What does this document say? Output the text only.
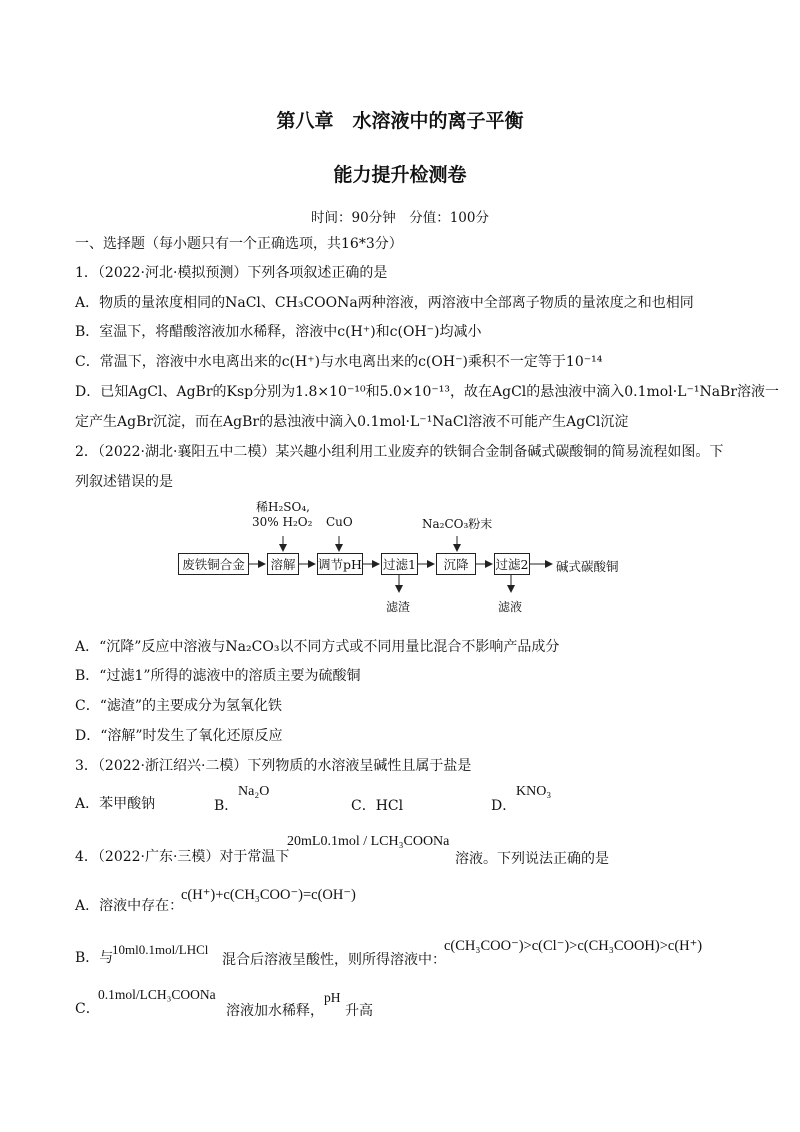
第八章　水溶液中的离子平衡
能力提升检测卷
时间：90分钟　分值：100分
一、选择题（每小题只有一个正确选项，共16*3分）
1．（2022·河北·模拟预测）下列各项叙述正确的是
A．物质的量浓度相同的NaCl、CH₃COONa两种溶液，两溶液中全部离子物质的量浓度之和也相同
B．室温下，将醋酸溶液加水稀释，溶液中c(H⁺)和c(OH⁻)均减小
C．常温下，溶液中水电离出来的c(H⁺)与水电离出来的c(OH⁻)乘积不一定等于10⁻¹⁴
D．已知AgCl、AgBr的Ksp分别为1.8×10⁻¹⁰和5.0×10⁻¹³，故在AgCl的悬浊液中滴入0.1mol·L⁻¹NaBr溶液一
定产生AgBr沉淀，而在AgBr的悬浊液中滴入0.1mol·L⁻¹NaCl溶液不可能产生AgCl沉淀
2．（2022·湖北·襄阳五中二模）某兴趣小组利用工业废弃的铁铜合金制备碱式碳酸铜的简易流程如图。下
列叙述错误的是
稀H₂SO₄,
30% H₂O₂ CuO	Na₂CO₃粉末
废铁铜合金	溶解 调节pH 过滤1	沉降	过滤2 碱式碳酸铜
滤渣	滤液
A．“沉降”反应中溶液与Na₂CO₃以不同方式或不同用量比混合不影响产品成分
B．“过滤1”所得的滤液中的溶质主要为硫酸铜
C．“滤渣”的主要成分为氢氧化铁
D．“溶解”时发生了氧化还原反应
3．（2022·浙江绍兴·二模）下列物质的水溶液呈碱性且属于盐是
A．苯甲酸钠	B．
Na₂O
C．HCl	D．
KNO₃
4．（2022·广东·三模）对于常温下
20mL0.1mol / LCH₃COONa
溶液。下列说法正确的是
A．溶液中存在：
c(H⁺)+c(CH₃COO⁻)=c(OH⁻)
B．与
10ml0.1mol/LHCl
混合后溶液呈酸性，则所得溶液中：
c(CH₃COO⁻)>c(Cl⁻)>c(CH₃COOH)>c(H⁺)
C．
0.1mol/LCH₃COONa
溶液加水稀释，
pH
升高
